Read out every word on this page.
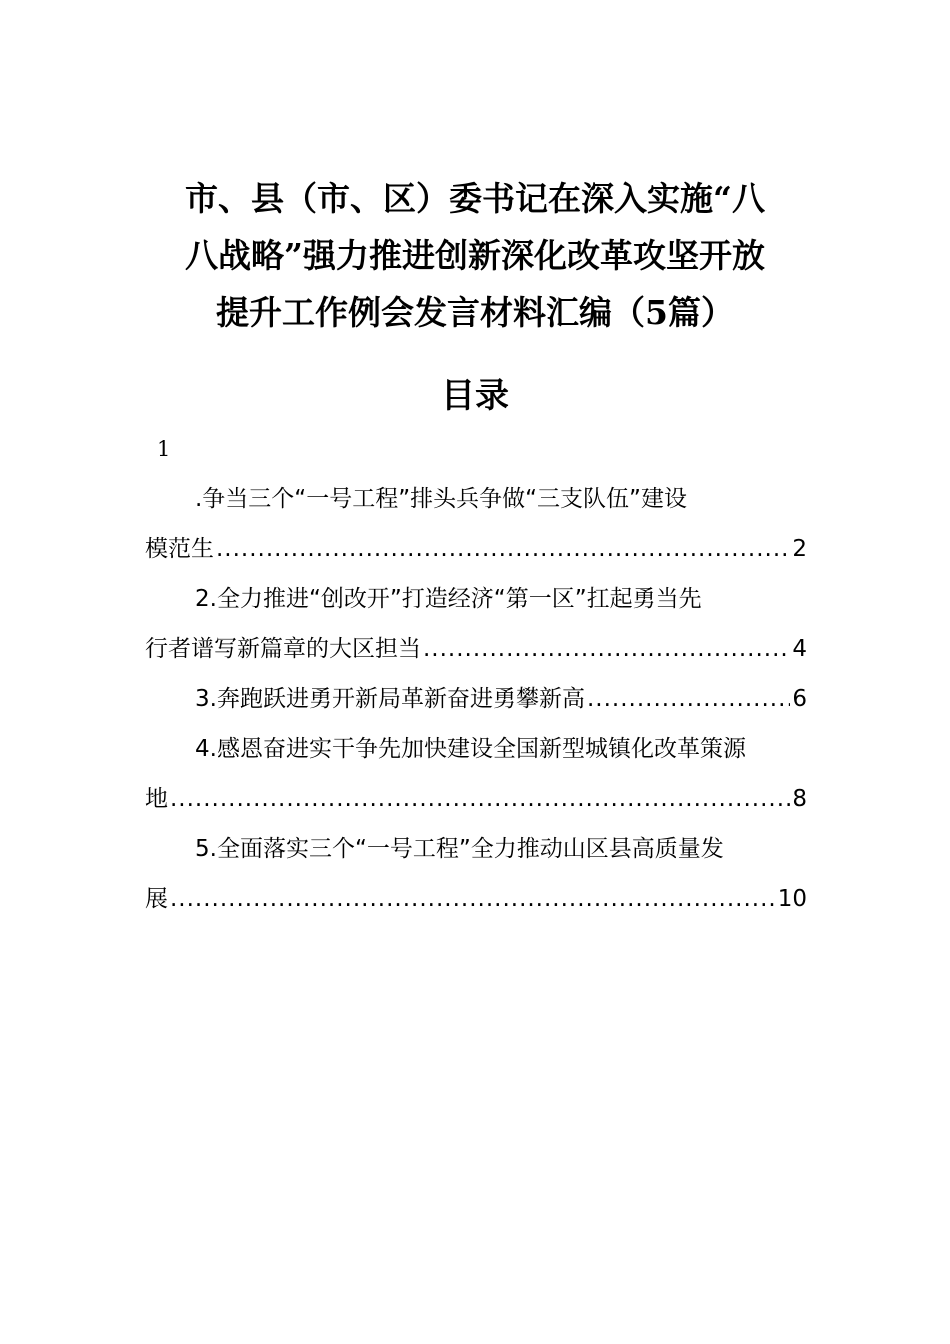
市、县（市、区）委书记在深入实施“八
八战略”强力推进创新深化改革攻坚开放
提升工作例会发言材料汇编（5篇）
目录
1
.争当三个“一号工程”排头兵争做“三支队伍”建设
模范生 .....	2
2.全力推进“创改开”打造经济“第一区”扛起勇当先
行者谱写新篇章的大区担当 .....	4
3.奔跑跃进勇开新局革新奋进勇攀新高 .....	6
4.感恩奋进实干争先加快建设全国新型城镇化改革策源
地 .....	8
5.全面落实三个“一号工程”全力推动山区县高质量发
展 .....	10
